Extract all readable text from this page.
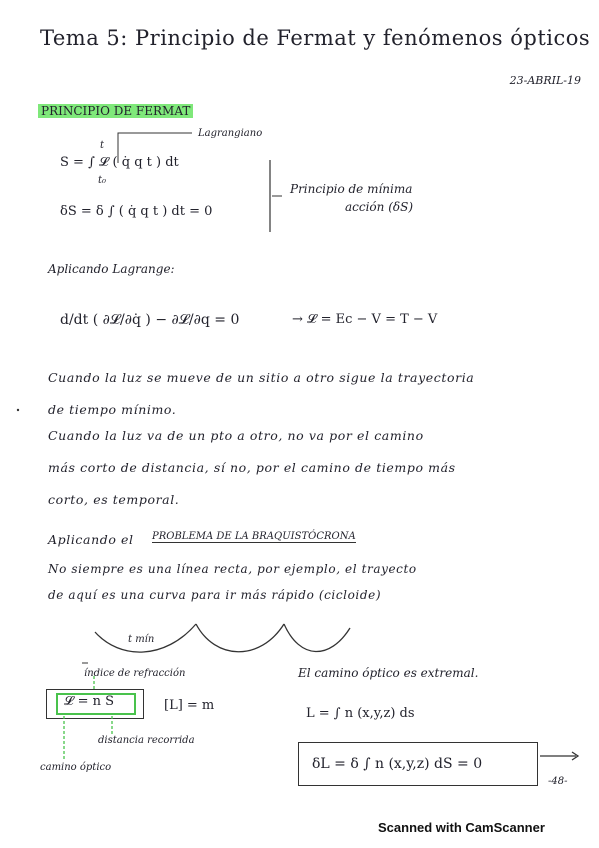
Tema 5: Principio de Fermat y fenómenos ópticos
23-ABRIL-19
PRINCIPIO DE FERMAT
Lagrangiano
S = ∫ 𝓛 ( q̇ q t ) dt
t₀
t
δS = δ ∫ ( q̇ q t ) dt = 0
Principio de mínima
acción (δS)
Aplicando Lagrange:
d/dt ( ∂𝓛/∂q̇ ) − ∂𝓛/∂q = 0	→ 𝓛 = Ec − V = T − V
Cuando la luz se mueve de un sitio a otro sigue la trayectoria
de tiempo mínimo.
Cuando la luz va de un pto a otro, no va por el camino
más corto de distancia, sí no, por el camino de tiempo más
corto, es temporal.
Aplicando el PROBLEMA DE LA BRAQUISTÓCRONA
No siempre es una línea recta, por ejemplo, el trayecto
de aquí es una curva para ir más rápido (cicloide)
t mín
índice de refracción
𝓛 = n S	[L] = m
distancia recorrida
camino óptico
El camino óptico es extremal.
L = ∫ n (x,y,z) ds
δL = δ ∫ n (x,y,z) dS = 0
-48-
Scanned with CamScanner
